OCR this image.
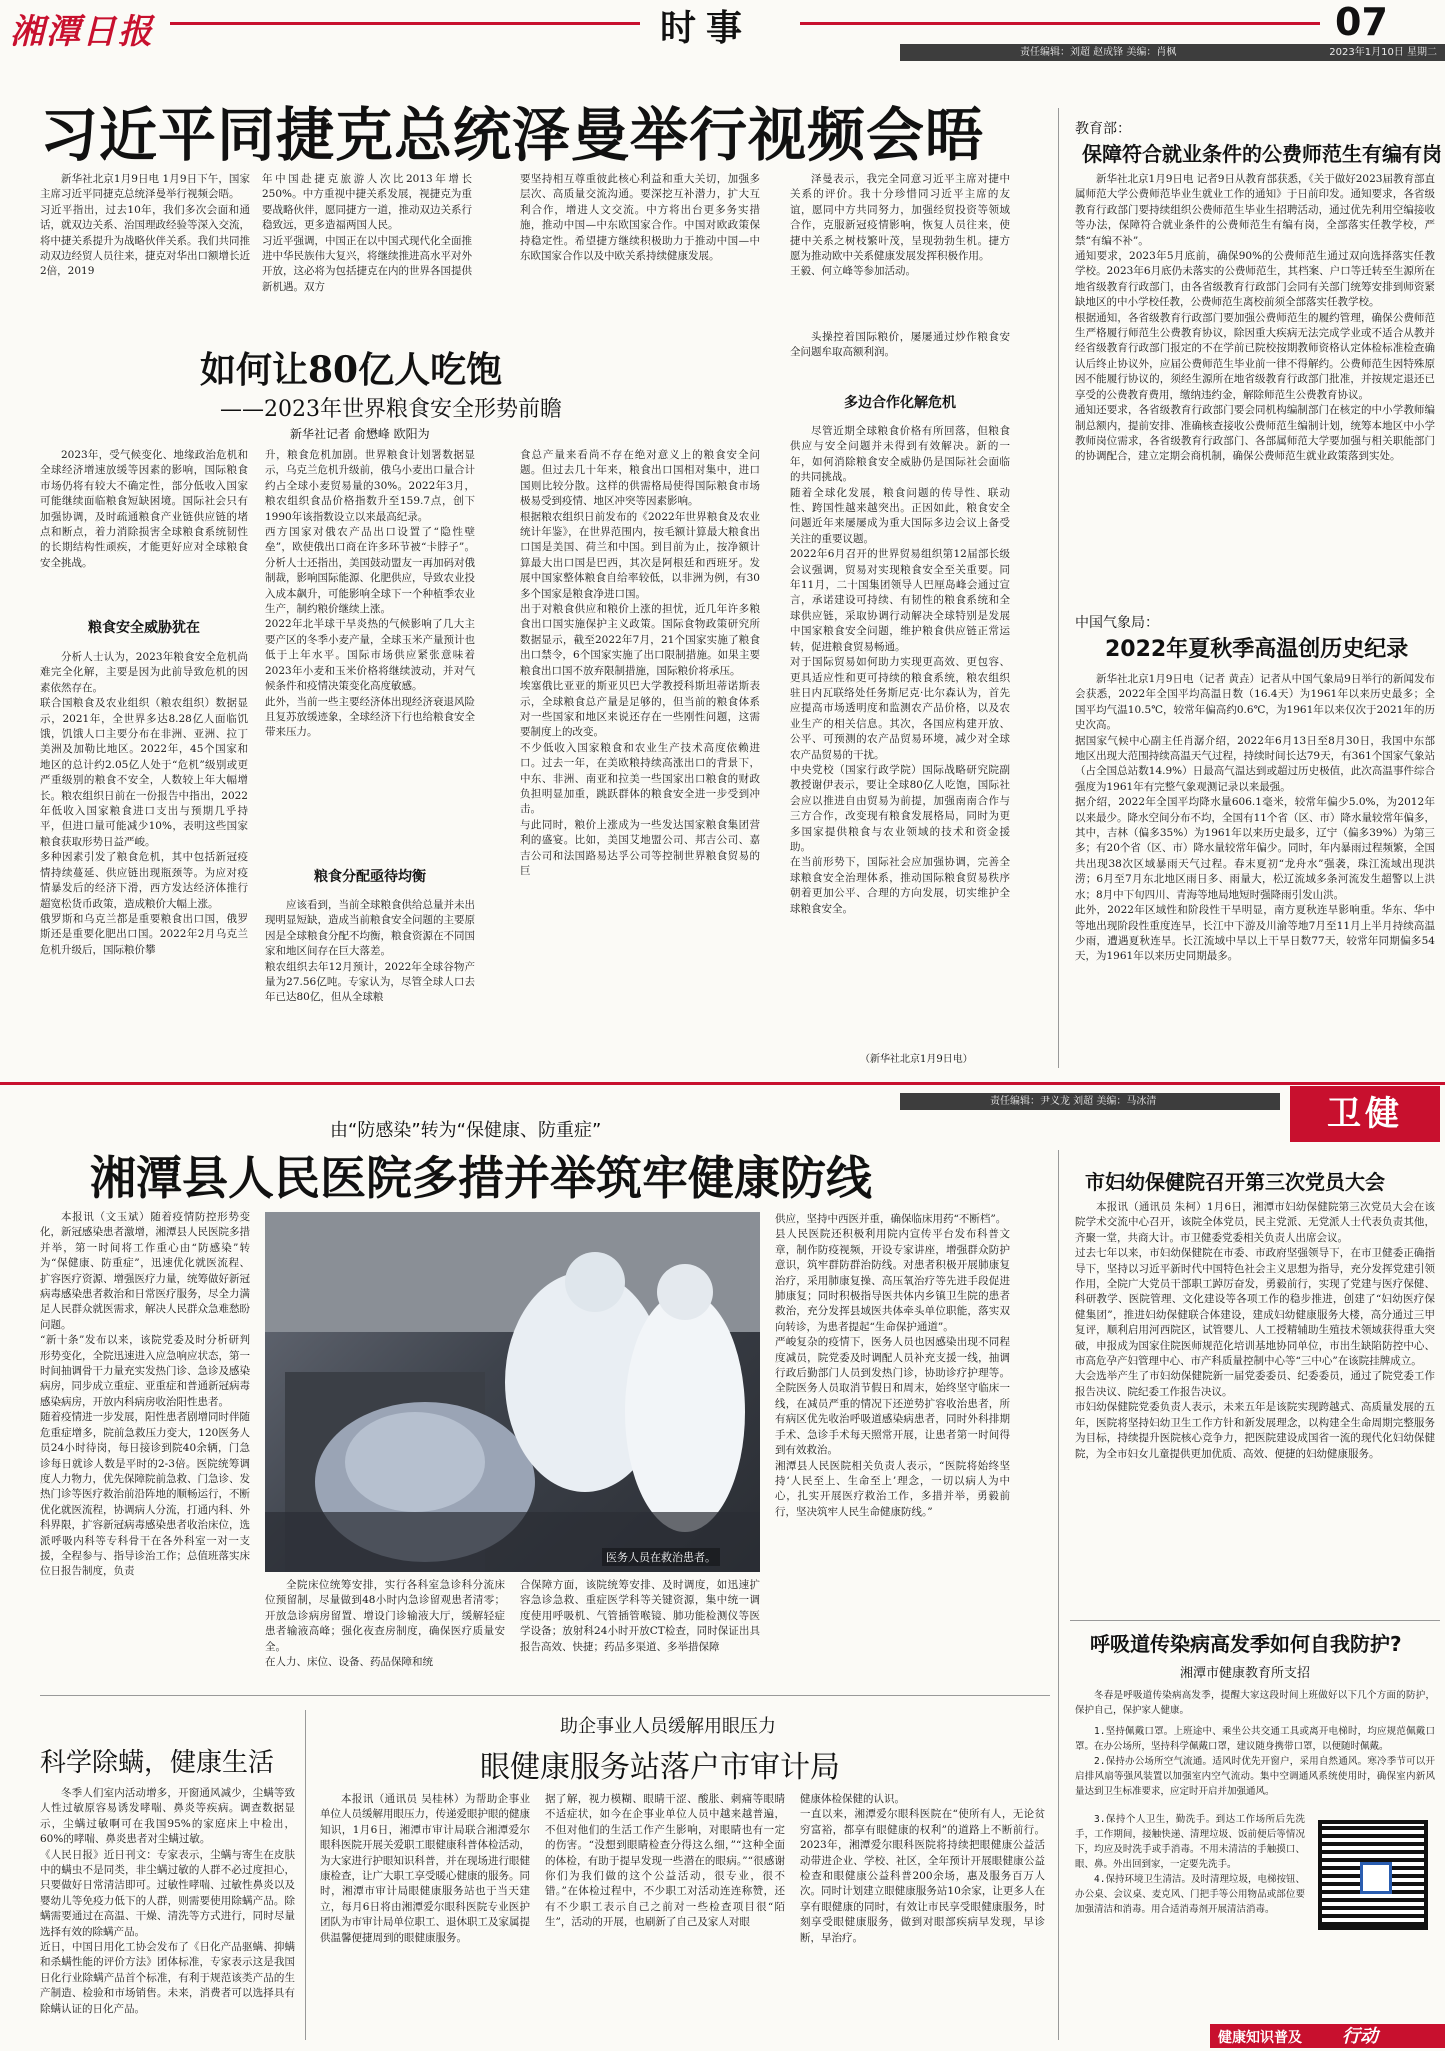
湘潭日报	时事	07
责任编辑：刘超 赵成锋 美编：肖枫	2023年1月10日 星期二
习近平同捷克总统泽曼举行视频会晤

新华社北京1月9日电 1月9日下午，国家主席习近平同捷克总统泽曼举行视频会晤。
习近平指出，过去10年，我们多次会面和通话，就双边关系、治国理政经验等深入交流，将中捷关系提升为战略伙伴关系。我们共同推动双边经贸人员往来，捷克对华出口额增长近2倍，2019

年中国赴捷克旅游人次比2013年增长250%。中方重视中捷关系发展，视捷克为重要战略伙伴，愿同捷方一道，推动双边关系行稳致远，更多造福两国人民。
习近平强调，中国正在以中国式现代化全面推进中华民族伟大复兴，将继续推进高水平对外开放，这必将为包括捷克在内的世界各国提供新机遇。双方

要坚持相互尊重彼此核心利益和重大关切，加强多层次、高质量交流沟通。要深挖互补潜力，扩大互利合作，增进人文交流。中方将出台更多务实措施，推动中国—中东欧国家合作。中国对欧政策保持稳定性。希望捷方继续积极助力于推动中国—中东欧国家合作以及中欧关系持续健康发展。

泽曼表示，我完全同意习近平主席对捷中关系的评价。我十分珍惜同习近平主席的友谊，愿同中方共同努力，加强经贸投资等领域合作，克服新冠疫情影响，恢复人员往来，使捷中关系之树枝繁叶茂，呈现勃勃生机。捷方愿为推动欧中关系健康发展发挥积极作用。
王毅、何立峰等参加活动。

如何让80亿人吃饱
——2023年世界粮食安全形势前瞻
新华社记者 俞懋峰 欧阳为

2023年，受气候变化、地缘政治危机和全球经济增速放缓等因素的影响，国际粮食市场仍将有较大不确定性，部分低收入国家可能继续面临粮食短缺困境。国际社会只有加强协调，及时疏通粮食产业链供应链的堵点和断点，着力消除损害全球粮食系统韧性的长期结构性顽疾，才能更好应对全球粮食安全挑战。

粮食安全威胁犹在

分析人士认为，2023年粮食安全危机尚难完全化解，主要是因为此前导致危机的因素依然存在。
联合国粮食及农业组织（粮农组织）数据显示，2021年，全世界多达8.28亿人面临饥饿，饥饿人口主要分布在非洲、亚洲、拉丁美洲及加勒比地区。2022年，45个国家和地区的总计约2.05亿人处于“危机”级别或更严重级别的粮食不安全，人数较上年大幅增长。粮农组织日前在一份报告中指出，2022年低收入国家粮食进口支出与预期几乎持平，但进口量可能减少10%，表明这些国家粮食获取形势日益严峻。
多种因素引发了粮食危机，其中包括新冠疫情持续蔓延、供应链出现瓶颈等。为应对疫情暴发后的经济下滑，西方发达经济体推行超宽松货币政策，造成粮价大幅上涨。
俄罗斯和乌克兰都是重要粮食出口国，俄罗斯还是重要化肥出口国。2022年2月乌克兰危机升级后，国际粮价攀

升，粮食危机加剧。世界粮食计划署数据显示，乌克兰危机升级前，俄乌小麦出口量合计约占全球小麦贸易量的30%。2022年3月，粮农组织食品价格指数升至159.7点，创下1990年该指数设立以来最高纪录。
西方国家对俄农产品出口设置了“隐性壁垒”，欧使俄出口商在许多环节被“卡脖子”。分析人士还指出，美国鼓动盟友一再加码对俄制裁，影响国际能源、化肥供应，导致农业投入成本飙升，可能影响全球下一个种植季农业生产，制约粮价继续上涨。
2022年北半球干旱炎热的气候影响了几大主要产区的冬季小麦产量，全球玉米产量预计也低于上年水平。国际市场供应紧张意味着2023年小麦和玉米价格将继续波动，并对气候条件和疫情决策变化高度敏感。
此外，当前一些主要经济体出现经济衰退风险且复苏放缓迹象，全球经济下行也给粮食安全带来压力。

粮食分配亟待均衡

应该看到，当前全球粮食供给总量并未出现明显短缺，造成当前粮食安全问题的主要原因是全球粮食分配不均衡，粮食资源在不同国家和地区间存在巨大落差。
粮农组织去年12月预计，2022年全球谷物产量为27.56亿吨。专家认为，尽管全球人口去年已达80亿，但从全球粮

食总产量来看尚不存在绝对意义上的粮食安全问题。但过去几十年来，粮食出口国相对集中，进口国则比较分散。这样的供需格局使得国际粮食市场极易受到疫情、地区冲突等因素影响。
根据粮农组织日前发布的《2022年世界粮食及农业统计年鉴》，在世界范围内，按毛额计算最大粮食出口国是美国、荷兰和中国。到目前为止，按净额计算最大出口国是巴西，其次是阿根廷和西班牙。发展中国家整体粮食自给率较低，以非洲为例，有30多个国家是粮食净进口国。
出于对粮食供应和粮价上涨的担忧，近几年许多粮食出口国实施保护主义政策。国际食物政策研究所数据显示，截至2022年7月，21个国家实施了粮食出口禁令，6个国家实施了出口限制措施。如果主要粮食出口国不放弃限制措施，国际粮价将承压。
埃塞俄比亚亚的斯亚贝巴大学教授科斯坦蒂诺斯表示，全球粮食总产量是足够的，但当前的粮食体系对一些国家和地区来说还存在一些刚性问题，这需要制度上的改变。
不少低收入国家粮食和农业生产技术高度依赖进口。过去一年，在美欧粮持续高涨出口的背景下，中东、非洲、南亚和拉美一些国家出口粮食的财政负担明显加重，跳跃群体的粮食安全进一步受到冲击。
与此同时，粮价上涨成为一些发达国家粮食集团营利的盛宴。比如，美国艾地盟公司、邦吉公司、嘉吉公司和法国路易达孚公司等控制世界粮食贸易的巨

头操控着国际粮价，屡屡通过炒作粮食安全问题牟取高额利润。

多边合作化解危机

尽管近期全球粮食价格有所回落，但粮食供应与安全问题并未得到有效解决。新的一年，如何消除粮食安全威胁仍是国际社会面临的共同挑战。
随着全球化发展，粮食问题的传导性、联动性、跨国性越来越突出。正因如此，粮食安全问题近年来屡屡成为重大国际多边会议上备受关注的重要议题。
2022年6月召开的世界贸易组织第12届部长级会议强调，贸易对实现粮食安全至关重要。同年11月，二十国集团领导人巴厘岛峰会通过宣言，承诺建设可持续、有韧性的粮食系统和全球供应链，采取协调行动解决全球特别是发展中国家粮食安全问题，维护粮食供应链正常运转，促进粮食贸易畅通。
对于国际贸易如何助力实现更高效、更包容、更具适应性和更可持续的粮食系统，粮农组织驻日内瓦联络处任务斯尼克·比尔森认为，首先应提高市场透明度和监测农产品价格，以及农业生产的相关信息。其次，各国应构建开放、公平、可预测的农产品贸易环境，减少对全球农产品贸易的干扰。
中央党校（国家行政学院）国际战略研究院副教授谢伊表示，要让全球80亿人吃饱，国际社会应以推进自由贸易为前提，加强南南合作与三方合作，改变现有粮食发展格局，同时为更多国家提供粮食与农业领域的技术和资金援助。
在当前形势下，国际社会应加强协调，完善全球粮食安全治理体系，推动国际粮食贸易秩序朝着更加公平、合理的方向发展，切实维护全球粮食安全。

（新华社北京1月9日电）
教育部：
保障符合就业条件的公费师范生有编有岗

新华社北京1月9日电 记者9日从教育部获悉，《关于做好2023届教育部直属师范大学公费师范毕业生就业工作的通知》于日前印发。通知要求，各省级教育行政部门要持续组织公费师范生毕业生招聘活动，通过优先利用空编接收等办法，保障符合就业条件的公费师范生有编有岗，全部落实任教学校，严禁“有编不补”。
通知要求，2023年5月底前，确保90%的公费师范生通过双向选择落实任教学校。2023年6月底仍未落实的公费师范生，其档案、户口等迁转至生源所在地省级教育行政部门，由各省级教育行政部门会同有关部门统筹安排到师资紧缺地区的中小学校任教，公费师范生离校前须全部落实任教学校。
根据通知，各省级教育行政部门要加强公费师范生的履约管理，确保公费师范生严格履行师范生公费教育协议，除因重大疾病无法完成学业或不适合从教并经省级教育行政部门报定的不在学前已院校按期教师资格认定体检标准检查确认后终止协议外，应届公费师范生毕业前一律不得解约。公费师范生因特殊原因不能履行协议的，须经生源所在地省级教育行政部门批准，并按规定退还已享受的公费教育费用，缴纳违约金，解除师范生公费教育协议。
通知还要求，各省级教育行政部门要会同机构编制部门在核定的中小学教师编制总额内，提前安排、准确核查接收公费师范生编制计划，统筹本地区中小学教师岗位需求，各省级教育行政部门、各部属师范大学要加强与相关职能部门的协调配合，建立定期会商机制，确保公费师范生就业政策落到实处。

中国气象局：
2022年夏秋季高温创历史纪录

新华社北京1月9日电（记者 黄垚）记者从中国气象局9日举行的新闻发布会获悉，2022年全国平均高温日数（16.4天）为1961年以来历史最多；全国平均气温10.5℃，较常年偏高约0.6℃，为1961年以来仅次于2021年的历史次高。
据国家气候中心副主任肖潺介绍，2022年6月13日至8月30日，我国中东部地区出现大范围持续高温天气过程，持续时间长达79天，有361个国家气象站（占全国总站数14.9%）日最高气温达到或超过历史极值，此次高温事件综合强度为1961年有完整气象观测记录以来最强。
据介绍，2022年全国平均降水量606.1毫米，较常年偏少5.0%，为2012年以来最少。降水空间分布不均，全国有11个省（区、市）降水量较常年偏多，其中，吉林（偏多35%）为1961年以来历史最多，辽宁（偏多39%）为第三多；有20个省（区、市）降水量较常年偏少。同时，年内暴雨过程频繁，全国共出现38次区域暴雨天气过程。春末夏初“龙舟水”强袭，珠江流域出现洪涝；6月至7月东北地区雨日多、雨量大，松辽流域多条河流发生超警以上洪水；8月中下旬四川、青海等地局地短时强降雨引发山洪。
此外，2022年区域性和阶段性干旱明显，南方夏秋连旱影响重。华东、华中等地出现阶段性重度连旱，长江中下游及川渝等地7月至11月上半月持续高温少雨，遭遇夏秋连旱。长江流域中旱以上干旱日数77天，较常年同期偏多54天，为1961年以来历史同期最多。

责任编辑：尹义龙 刘超 美编：马冰清	卫健
由“防感染”转为“保健康、防重症”
湘潭县人民医院多措并举筑牢健康防线

本报讯（文玉斌）随着疫情防控形势变化，新冠感染患者激增，湘潭县人民医院多措并举，第一时间将工作重心由“防感染”转为“保健康、防重症”，迅速优化就医流程、扩容医疗资源、增强医疗力量，统筹做好新冠病毒感染患者救治和日常医疗服务，尽全力满足人民群众就医需求，解决人民群众急难愁盼问题。
“新十条”发布以来，该院党委及时分析研判形势变化，全院迅速进入应急响应状态，第一时间抽调骨干力量充实发热门诊、急诊及感染病房，同步成立重症、亚重症和普通新冠病毒感染病房，开放内科病房收治阳性患者。
随着疫情进一步发展，阳性患者剧增同时伴随危重症增多，院前急救压力变大，120医务人员24小时待岗，每日接诊到院40余辆，门急诊每日就诊人数是平时的2-3倍。医院统筹调度人力物力，优先保障院前急救、门急诊、发热门诊等医疗救治前沿阵地的顺畅运行，不断优化就医流程，协调病人分流，打通内科、外科界限，扩容新冠病毒感染患者收治床位，选派呼吸内科等专科骨干在各外科室一对一支援，全程参与、指导诊治工作；总值班落实床位日报告制度，负责

医务人员在救治患者。

全院床位统筹安排，实行各科室急诊科分流床位预留制，尽量做到48小时内急诊留观患者清零；开放急诊病房留置、增设门诊输液大厅，缓解轻症患者输液高峰；强化夜查房制度，确保医疗质量安全。
在人力、床位、设备、药品保障和统

合保障方面，该院统筹安排、及时调度，如迅速扩容急诊急救、重症医学科等关键资源，集中统一调度使用呼吸机、气管插管喉镜、肺功能检测仪等医学设备；放射科24小时开放CT检查，同时保证出具报告高效、快捷；药品多渠道、多举措保障

供应，坚持中西医并重，确保临床用药“不断档”。
县人民医院还积极利用院内宣传平台发布科普文章，制作防疫视频，开设专家讲座，增强群众防护意识，筑牢群防群治防线。对患者积极开展肺康复治疗，采用肺康复操、高压氧治疗等先进手段促进肺康复；同时积极指导医共体内乡镇卫生院的患者救治，充分发挥县域医共体牵头单位职能，落实双向转诊，为患者提起“生命保护通道”。
严峻复杂的疫情下，医务人员也因感染出现不同程度减员，院党委及时调配人员补充支援一线，抽调行政后勤部门人员到发热门诊，协助诊疗护理等。全院医务人员取消节假日和周末，始终坚守临床一线，在减员严重的情况下还逆势扩容收治患者，所有病区优先收治呼吸道感染病患者，同时外科排期手术、急诊手术每天照常开展，让患者第一时间得到有效救治。
湘潭县人民医院相关负责人表示，“医院将始终坚持‘人民至上、生命至上’理念，一切以病人为中心，扎实开展医疗救治工作，多措并举，勇毅前行，坚决筑牢人民生命健康防线。”

市妇幼保健院召开第三次党员大会

本报讯（通讯员 朱柯）1月6日，湘潭市妇幼保健院第三次党员大会在该院学术交流中心召开，该院全体党员，民主党派、无党派人士代表负责其他，齐聚一堂，共商大计。市卫健委党委相关负责人出席会议。
过去七年以来，市妇幼保健院在市委、市政府坚强领导下，在市卫健委正确指导下，坚持以习近平新时代中国特色社会主义思想为指导，充分发挥党建引领作用，全院广大党员干部职工踔厉奋发，勇毅前行，实现了党建与医疗保健、科研教学、医院管理、文化建设等各项工作的稳步推进，创建了“妇幼医疗保健集团”，推进妇幼保健联合体建设，建成妇幼健康服务大楼，高分通过三甲复评，顺利启用河西院区，试管婴儿、人工授精辅助生殖技术领域获得重大突破，申报成为国家住院医师规范化培训基地协同单位，市出生缺陷防控中心、市高危孕产妇管理中心、市产科质量控制中心等“三中心”在该院挂牌成立。
大会选举产生了市妇幼保健院新一届党委委员、纪委委员，通过了院党委工作报告决议、院纪委工作报告决议。
市妇幼保健院党委负责人表示，未来五年是该院实现跨越式、高质量发展的五年，医院将坚持妇幼卫生工作方针和新发展理念，以构建全生命周期完整服务为目标，持续提升医院核心竞争力，把医院建设成国省一流的现代化妇幼保健院，为全市妇女儿童提供更加优质、高效、便捷的妇幼健康服务。

呼吸道传染病高发季如何自我防护?
湘潭市健康教育所支招

冬春是呼吸道传染病高发季，提醒大家这段时间上班做好以下几个方面的防护，保护自己，保护家人健康。

1.坚持佩戴口罩。上班途中、乘坐公共交通工具或离开电梯时，均应规范佩戴口罩。在办公场所，坚持科学佩戴口罩，建议随身携带口罩，以便随时佩戴。

2.保持办公场所空气流通。适风时优先开窗户，采用自然通风。寒冷季节可以开启排风扇等强风装置以加强室内空气流动。集中空调通风系统使用时，确保室内新风量达到卫生标准要求，应定时开启并加强通风。

3.保持个人卫生，勤洗手。到达工作场所后先洗手，工作期间，接触快递、清理垃圾、饭前便后等情况下，均应及时洗手或手消毒。不用未清洁的手触摸口、眼、鼻。外出回到家，一定要先洗手。

4.保持环境卫生清洁。及时清理垃圾，电梯按钮、办公桌、会议桌、麦克风、门把手等公用物品或部位要加强清洁和消毒。用合适消毒剂开展清洁消毒。

健康知识普及 行动
科学除螨，健康生活

冬季人们室内活动增多，开窗通风减少，尘螨等致人性过敏原容易诱发哮喘、鼻炎等疾病。调查数据显示，尘螨过敏啊可在我国95%的家庭床上中检出，60%的哮喘、鼻炎患者对尘螨过敏。
《人民日报》近日刊文：专家表示，尘螨与寄生在皮肤中的螨虫不是同类，非尘螨过敏的人群不必过度担心，只要做好日常清洁即可。过敏性哮喘、过敏性鼻炎以及婴幼儿等免疫力低下的人群，则需要使用除螨产品。除螨需要通过在高温、干燥、清洗等方式进行，同时尽量选择有效的除螨产品。
近日，中国日用化工协会发布了《日化产品驱螨、抑螨和杀螨性能的评价方法》团体标准，专家表示这是我国日化行业除螨产品首个标准，有利于规范该类产品的生产制造、检验和市场销售。未来，消费者可以选择具有除螨认证的日化产品。

助企事业人员缓解用眼压力
眼健康服务站落户市审计局

本报讯（通讯员 吴桂林）为帮助企事业单位人员缓解用眼压力，传递爱眼护眼的健康知识，1月6日，湘潭市审计局联合湘潭爱尔眼科医院开展关爱职工眼健康科普体检活动，为大家进行护眼知识科普，并在现场进行眼健康检查，让广大职工享受暖心健康的服务。同时，湘潭市审计局眼健康服务站也于当天建立，每月6日将由湘潭爱尔眼科医院专业医护团队为市审计局单位职工、退休职工及家属提供温馨便捷周到的眼健康服务。

据了解，视力模糊、眼睛干涩、酸胀、刺痛等眼睛不适症状，如今在企事业单位人员中越来越普遍，不但对他们的生活工作产生影响，对眼睛也有一定的伤害。“没想到眼睛检查分得这么细，”“这种全面的体检，有助于提早发现一些潜在的眼病。”“很感谢你们为我们做的这个公益活动，很专业，很不错。”在体检过程中，不少职工对活动连连称赞，还有不少职工表示自己之前对一些检查项目很“陌生”，活动的开展，也刷新了自己及家人对眼

健康体检保健的认识。
一直以来，湘潭爱尔眼科医院在“使所有人，无论贫穷富裕，都享有眼健康的权利”的道路上不断前行。2023年，湘潭爱尔眼科医院将持续把眼健康公益活动带进企业、学校、社区，全年预计开展眼健康公益检查和眼健康公益科普200余场，惠及服务百万人次。同时计划建立眼健康服务站10余家，让更多人在享有眼健康的同时，有效让市民享受眼健康服务，时刻享受眼健康服务，做到对眼部疾病早发现，早诊断，早治疗。
